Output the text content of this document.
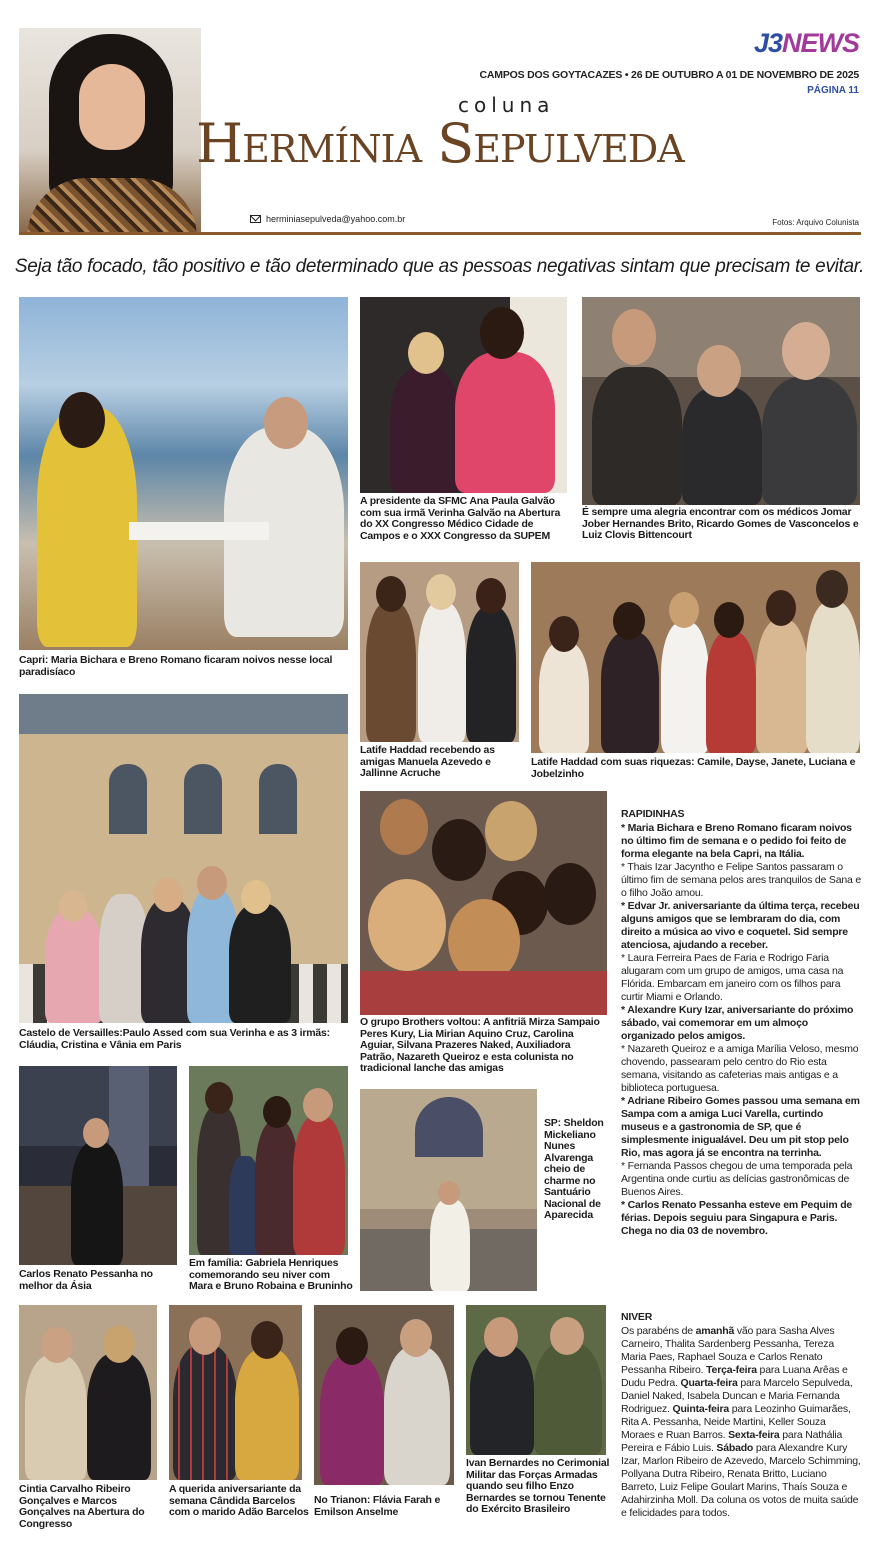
J3NEWS
CAMPOS DOS GOYTACAZES • 26 DE OUTUBRO A 01 DE NOVEMBRO DE 2025
PÁGINA 11
coluna
Hermínia Sepulveda
herminiasepulveda@yahoo.com.br	Fotos: Arquivo Colunista
Seja tão focado, tão positivo e tão determinado que as pessoas negativas sintam que precisam te evitar.
Capri: Maria Bichara e Breno Romano ficaram noivos nesse local paradisíaco
A presidente da SFMC Ana Paula Galvão com sua irmã Verinha Galvão na Abertura do XX Congresso Médico Cidade de Campos e o XXX Congresso da SUPEM
É sempre uma alegria encontrar com os médicos Jomar Jober Hernandes Brito, Ricardo Gomes de Vasconcelos e Luiz Clovis Bittencourt
Latife Haddad recebendo as amigas Manuela Azevedo e Jallinne Acruche
Latife Haddad com suas riquezas: Camile, Dayse, Janete, Luciana e Jobelzinho
Castelo de Versailles:Paulo Assed com sua Verinha e as 3 irmãs: Cláudia, Cristina e Vânia em Paris
O grupo Brothers voltou: A anfitriã Mirza Sampaio Peres Kury, Lia Mirian Aquino Cruz, Carolina Aguiar, Silvana Prazeres Naked, Auxiliadora Patrão, Nazareth Queiroz e esta colunista no tradicional lanche das amigas
Carlos Renato Pessanha no melhor da Ásia
Em família: Gabriela Henriques comemorando seu niver com Mara e Bruno Robaina e Bruninho
SP: Sheldon Mickeliano Nunes Alvarenga cheio de charme no Santuário Nacional de Aparecida
Cintia Carvalho Ribeiro Gonçalves e Marcos Gonçalves na Abertura do Congresso
A querida aniversariante da semana Cândida Barcelos com o marido Adão Barcelos
No Trianon: Flávia Farah e Emilson Anselme
Ivan Bernardes no Cerimonial Militar das Forças Armadas quando seu filho Enzo Bernardes se tornou Tenente do Exército Brasileiro

RAPIDINHAS

* Maria Bichara e Breno Romano ficaram noivos no último fim de semana e o pedido foi feito de forma elegante na bela Capri, na Itália.

* Thais Izar Jacynthо e Felipe Santos passaram o último fim de semana pelos ares tranquilos de Sana e o filho João amou.

* Edvar Jr. aniversariante da última terça, recebeu alguns amigos que se lembraram do dia, com direito a música ao vivo e coquetel. Sid sempre atenciosa, ajudando a receber.

* Laura Ferreira Paes de Faria e Rodrigo Faria alugaram com um grupo de amigos, uma casa na Flórida. Embarcam em janeiro com os filhos para curtir Miami e Orlando.

* Alexandre Kury Izar, aniversariante do próximo sábado, vai comemorar em um almoço organizado pelos amigos.

* Nazareth Queiroz e a amiga Marília Veloso, mesmo chovendo, passearam pelo centro do Rio esta semana, visitando as cafeterias mais antigas e a biblioteca portuguesa.

* Adriane Ribeiro Gomes passou uma semana em Sampa com a amiga Luci Varella, curtindo museus e a gastronomia de SP, que é simplesmente inigualável. Deu um pit stop pelo Rio, mas agora já se encontra na terrinha.

* Fernanda Passos chegou de uma temporada pela Argentina onde curtiu as delícias gastronômicas de Buenos Aires.

* Carlos Renato Pessanha esteve em Pequim de férias. Depois seguiu para Singapura e Paris. Chega no dia 03 de novembro.

NIVER

Os parabéns de amanhã vão para Sasha Alves Carneiro, Thalita Sardenberg Pessanha, Tereza Maria Paes, Raphael Souza e Carlos Renato Pessanha Ribeiro. Terça-feira para Luana Arêas e Dudu Pedra. Quarta-feira para Marcelo Sepulveda, Daniel Naked, Isabela Duncan e Maria Fernanda Rodriguez. Quinta-feira para Leozinho Guimarães, Rita A. Pessanha, Neide Martini, Keller Souza Moraes e Ruan Barros. Sexta-feira para Nathália Pereira e Fábio Luis. Sábado para Alexandre Kury Izar, Marlon Ribeiro de Azevedo, Marcelo Schimming, Pollyana Dutra Ribeiro, Renata Britto, Luciano Barreto, Luiz Felipe Goulart Marins, Thaís Souza e Adahirzinha Moll. Da coluna os votos de muita saúde e felicidades para todos.
